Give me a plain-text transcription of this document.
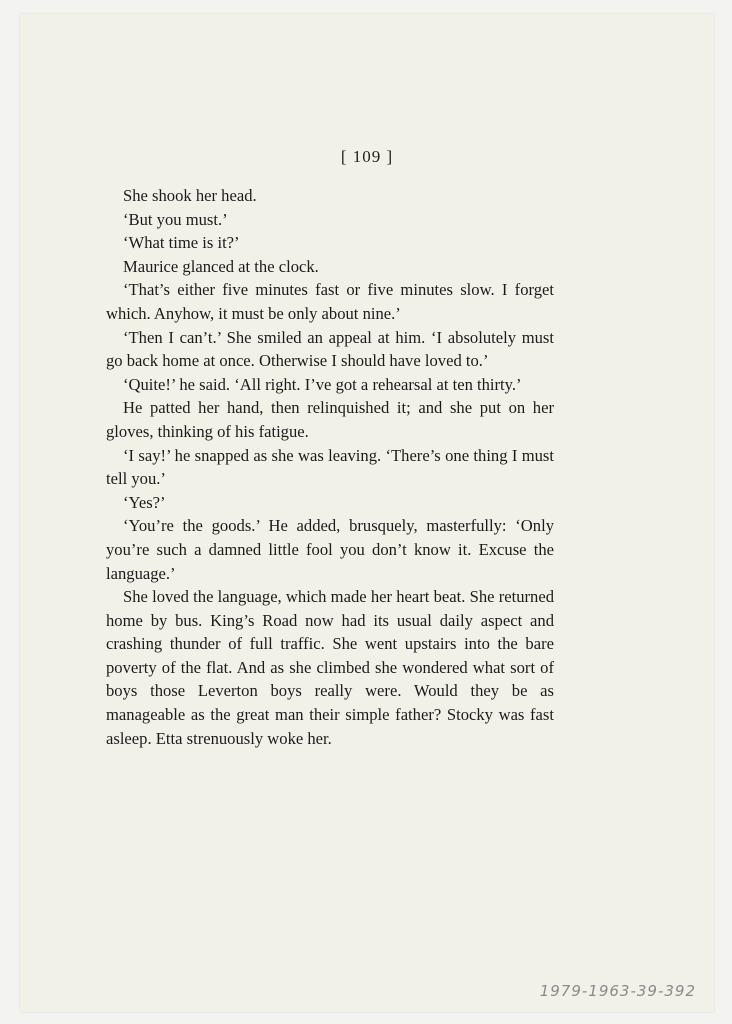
[ 109 ]

She shook her head.

‘But you must.’

‘What time is it?’

Maurice glanced at the clock.

‘That’s either five minutes fast or five minutes slow. I forget which. Anyhow, it must be only about nine.’

‘Then I can’t.’ She smiled an appeal at him. ‘I absolutely must go back home at once. Otherwise I should have loved to.’

‘Quite!’ he said. ‘All right. I’ve got a rehearsal at ten thirty.’

He patted her hand, then relinquished it; and she put on her gloves, thinking of his fatigue.

‘I say!’ he snapped as she was leaving. ‘There’s one thing I must tell you.’

‘Yes?’

‘You’re the goods.’ He added, brusquely, masterfully: ‘Only you’re such a damned little fool you don’t know it. Excuse the language.’

She loved the language, which made her heart beat. She returned home by bus. King’s Road now had its usual daily aspect and crashing thunder of full traffic. She went upstairs into the bare poverty of the flat. And as she climbed she wondered what sort of boys those Leverton boys really were. Would they be as manageable as the great man their simple father? Stocky was fast asleep. Etta strenuously woke her.

1979-1963-39-392
